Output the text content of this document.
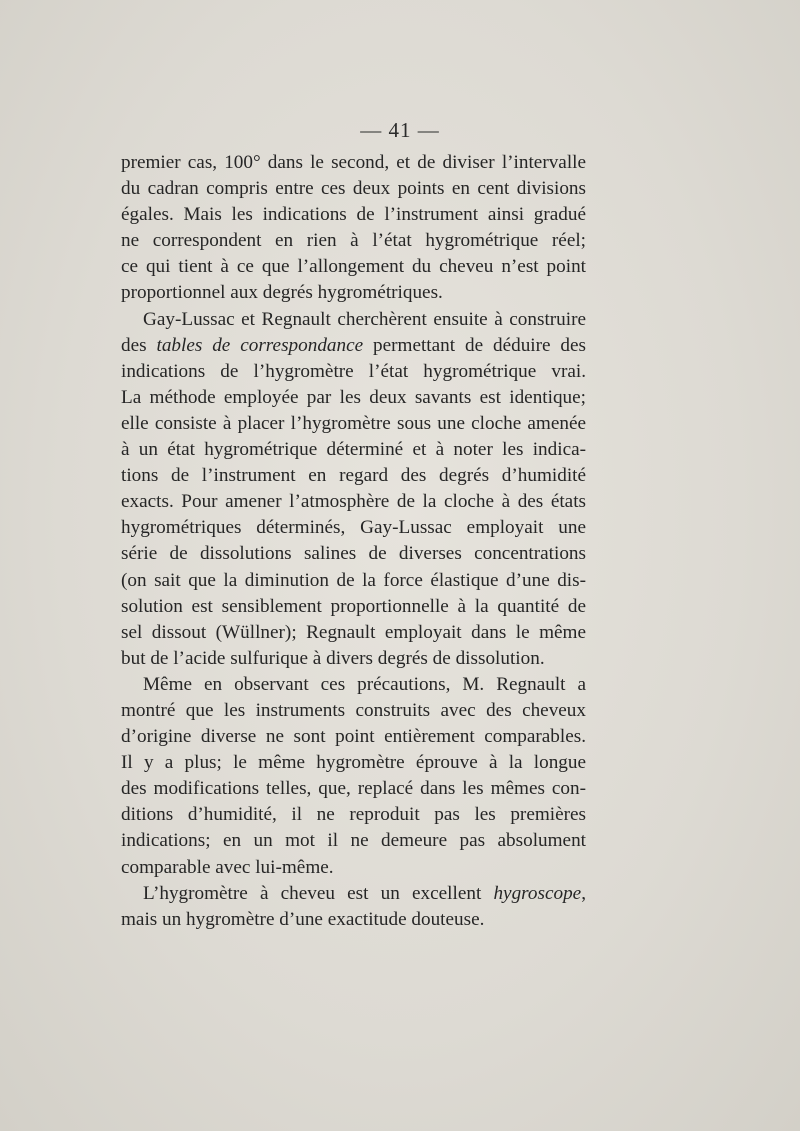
— 41 —
premier cas, 100° dans le second, et de diviser l’intervalle
du cadran compris entre ces deux points en cent divisions
égales. Mais les indications de l’instrument ainsi gradué
ne correspondent en rien à l’état hygrométrique réel;
ce qui tient à ce que l’allongement du cheveu n’est point
proportionnel aux degrés hygrométriques.
Gay-Lussac et Regnault cherchèrent ensuite à construire
des tables de correspondance permettant de déduire des
indications de l’hygromètre l’état hygrométrique vrai.
La méthode employée par les deux savants est identique;
elle consiste à placer l’hygromètre sous une cloche amenée
à un état hygrométrique déterminé et à noter les indica-
tions de l’instrument en regard des degrés d’humidité
exacts. Pour amener l’atmosphère de la cloche à des états
hygrométriques déterminés, Gay-Lussac employait une
série de dissolutions salines de diverses concentrations
(on sait que la diminution de la force élastique d’une dis-
solution est sensiblement proportionnelle à la quantité de
sel dissout (Wüllner); Regnault employait dans le même
but de l’acide sulfurique à divers degrés de dissolution.
Même en observant ces précautions, M. Regnault a
montré que les instruments construits avec des cheveux
d’origine diverse ne sont point entièrement comparables.
Il y a plus; le même hygromètre éprouve à la longue
des modifications telles, que, replacé dans les mêmes con-
ditions d’humidité, il ne reproduit pas les premières
indications; en un mot il ne demeure pas absolument
comparable avec lui-même.
L’hygromètre à cheveu est un excellent hygroscope,
mais un hygromètre d’une exactitude douteuse.
